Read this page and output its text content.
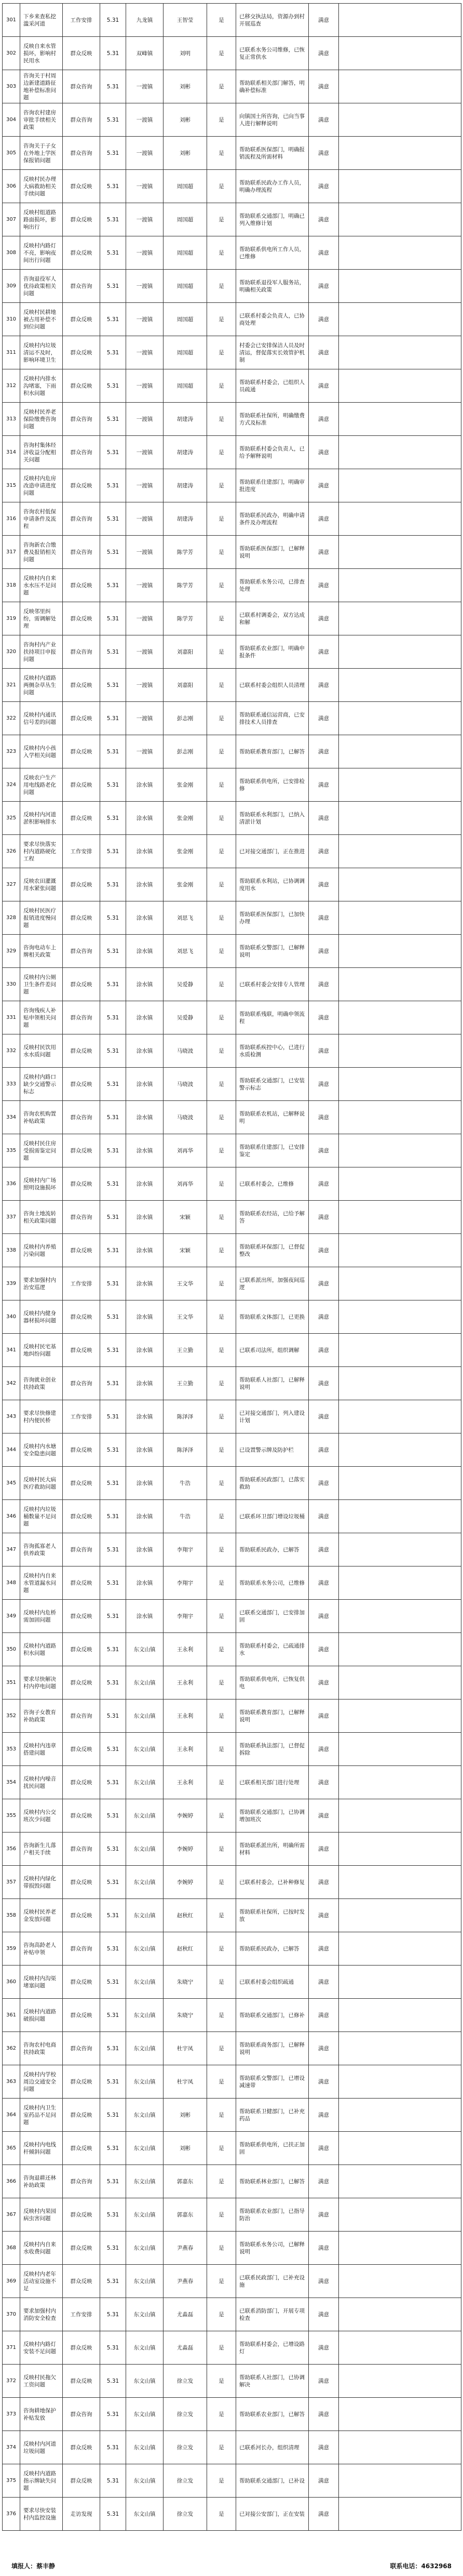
301	下乡来查私挖滥采河道	工作安排	5.31	九龙镇	王智莹	是	已移交执法局，资源办到村开展巡查	满意	
302	反映自来水管损坏，影响村民用水	群众反映	5.31	双峰镇	刘明	是	已联系水务公司维修，已恢复正常供水	满意	
303	咨询关于村周边新建道路征地补偿标准问题	群众咨询	5.31	一渡镇	刘彬	是	帮助联系相关部门解答，明确补偿标准	满意	
304	咨询农村建房审批手续相关政策	群众咨询	5.31	一渡镇	刘彬	是	向镇国土所咨询，已向当事人进行解释说明	满意	
305	咨询关于子女在外地上学医保报销问题	群众咨询	5.31	一渡镇	刘彬	是	帮助联系医保部门，明确报销流程及所需材料	满意	
306	反映村民办理大病救助相关手续问题	群众反映	5.31	一渡镇	周国超	是	帮助联系民政办工作人员，明确办理流程	满意	
307	反映村组道路路面损坏，影响出行	群众反映	5.31	一渡镇	周国超	是	帮助联系交通部门，明确已列入维修计划	满意	
308	反映村内路灯不亮，影响夜间出行问题	群众反映	5.31	一渡镇	周国超	是	帮助联系供电所工作人员，已维修	满意	
309	咨询退役军人优待政策相关问题	群众咨询	5.31	一渡镇	周国超	是	帮助联系退役军人服务站，明确相关政策	满意	
310	反映村民耕地被占用补偿不到位问题	群众反映	5.31	一渡镇	周国超	是	已联系村委会负责人，已协商处理	满意	
311	反映村内垃圾清运不及时，影响环境卫生	群众反映	5.31	一渡镇	周国超	是	村委会已安排保洁人员及时清运，督促落实长效管护机制	满意	
312	反映村内排水沟堵塞，下雨积水问题	群众反映	5.31	一渡镇	周国超	是	帮助联系村委会，已组织人员疏通	满意	
313	反映村民养老保险缴费咨询问题	群众咨询	5.31	一渡镇	胡建涛	是	帮助联系社保所，明确缴费方式及标准	满意	
314	咨询村集体经济收益分配相关问题	群众咨询	5.31	一渡镇	胡建涛	是	帮助联系村委会负责人，已给予解释说明	满意	
315	反映村内危房改造申请进度问题	群众反映	5.31	一渡镇	胡建涛	是	帮助联系住建部门，明确审批进度	满意	
316	咨询农村低保申请条件及流程	群众咨询	5.31	一渡镇	胡建涛	是	帮助联系民政办，明确申请条件及办理流程	满意	
317	咨询新农合缴费及报销相关问题	群众咨询	5.31	一渡镇	陈学芳	是	帮助联系医保部门，已解释说明	满意	
318	反映村内自来水水压不足问题	群众反映	5.31	一渡镇	陈学芳	是	帮助联系水务公司，已排查处理	满意	
319	反映邻里纠纷，需调解处理	群众反映	5.31	一渡镇	陈学芳	是	已联系村调委会，双方达成和解	满意	
320	咨询村内产业扶持项目申报问题	群众咨询	5.31	一渡镇	刘嘉阳	是	帮助联系农业部门，明确申报条件	满意	
321	反映村内道路两侧杂草丛生问题	群众反映	5.31	一渡镇	刘嘉阳	是	已联系村委会组织人员清理	满意	
322	反映村内通讯信号差的问题	群众反映	5.31	一渡镇	彭志刚	是	帮助联系通信运营商，已安排技术人员排查	满意	
323	反映村内小孩入学相关问题	群众反映	5.31	一渡镇	彭志刚	是	帮助联系教育部门，已解答	满意	
324	反映农户生产用电线路老化问题	群众反映	5.31	涂水镇	张金刚	是	帮助联系供电所，已安排检修	满意	
325	反映村内河道淤积影响排水	群众反映	5.31	涂水镇	张金刚	是	帮助联系水利部门，已纳入清淤计划	满意	
326	要求尽快落实村内道路硬化工程	工作安排	5.31	涂水镇	张金刚	是	已对接交通部门，正在推进	满意	
327	反映农田灌溉用水紧张问题	群众反映	5.31	涂水镇	张金刚	是	帮助联系水利站，已协调调度用水	满意	
328	反映村民医疗报销进度慢问题	群众反映	5.31	涂水镇	刘思飞	是	帮助联系医保部门，已加快办理	满意	
329	咨询电动车上牌相关政策	群众咨询	5.31	涂水镇	刘思飞	是	帮助联系交警部门，已解释说明	满意	
330	反映村内公厕卫生条件差问题	群众反映	5.31	涂水镇	吴爱静	是	已联系村委会安排专人管理	满意	
331	咨询残疾人补贴申领相关问题	群众咨询	5.31	涂水镇	吴爱静	是	帮助联系残联，明确申领流程	满意	
332	反映村民饮用水水质问题	群众反映	5.31	涂水镇	马晓波	是	帮助联系疾控中心，已进行水质检测	满意	
333	反映村内路口缺少交通警示标志	群众反映	5.31	涂水镇	马晓波	是	帮助联系交通部门，已安装警示标志	满意	
334	咨询农机购置补贴政策	群众咨询	5.31	涂水镇	马晓波	是	帮助联系农机站，已解释说明	满意	
335	反映村民住房受损需鉴定问题	群众反映	5.31	涂水镇	刘再华	是	帮助联系住建部门，已安排鉴定	满意	
336	反映村内广场照明设施损坏	群众反映	5.31	涂水镇	刘再华	是	已联系村委会，已维修	满意	
337	咨询土地流转相关政策问题	群众咨询	5.31	涂水镇	宋颖	是	帮助联系农经站，已给予解答	满意	
338	反映村内养殖污染问题	群众反映	5.31	涂水镇	宋颖	是	帮助联系环保部门，已督促整改	满意	
339	要求加强村内治安巡逻	工作安排	5.31	涂水镇	王文华	是	已联系派出所，加强夜间巡逻	满意	
340	反映村内健身器材损坏问题	群众反映	5.31	涂水镇	王文华	是	帮助联系文体部门，已更换	满意	
341	反映村民宅基地纠纷问题	群众反映	5.31	涂水镇	王立勤	是	已联系司法所，组织调解	满意	
342	咨询就业创业扶持政策	群众咨询	5.31	涂水镇	王立勤	是	帮助联系人社部门，已解释说明	满意	
343	要求尽快修建村内便民桥	工作安排	5.31	涂水镇	陈泽泽	是	已对接交通部门，列入建设计划	满意	
344	反映村内水塘安全隐患问题	群众反映	5.31	涂水镇	陈泽泽	是	已设置警示牌及防护栏	满意	
345	反映村民大病医疗救助问题	群众反映	5.31	涂水镇	牛浩	是	帮助联系民政部门，已落实救助	满意	
346	反映村内垃圾桶数量不足问题	群众反映	5.31	涂水镇	牛浩	是	已联系环卫部门增设垃圾桶	满意	
347	咨询孤寡老人供养政策	群众咨询	5.31	涂水镇	李翔宇	是	帮助联系民政办，已解答	满意	
348	反映村内自来水管道漏水问题	群众反映	5.31	涂水镇	李翔宇	是	帮助联系水务公司，已维修	满意	
349	反映村内危桥需加固问题	群众反映	5.31	涂水镇	李翔宇	是	已联系交通部门，已安排加固	满意	
350	反映村内道路积水问题	群众反映	5.31	东文山镇	王永利	是	帮助联系村委会，已疏通排水	满意	
351	要求尽快解决村内停电问题	群众反映	5.31	东文山镇	王永利	是	帮助联系供电所，已恢复供电	满意	
352	咨询子女教育补助政策	群众咨询	5.31	东文山镇	王永利	是	帮助联系教育部门，已解释说明	满意	
353	反映村内违章搭建问题	群众反映	5.31	东文山镇	王永利	是	帮助联系执法部门，已督促拆除	满意	
354	反映村内噪音扰民问题	群众反映	5.31	东文山镇	王永利	是	已联系相关部门进行处理	满意	
355	反映村内公交班次少问题	群众反映	5.31	东文山镇	李婉婷	是	帮助联系交通部门，已协调增加班次	满意	
356	咨询新生儿落户相关手续	群众咨询	5.31	东文山镇	李婉婷	是	帮助联系派出所，明确所需材料	满意	
357	反映村内绿化带损毁问题	群众反映	5.31	东文山镇	李婉婷	是	已联系村委会，已补种修复	满意	
358	反映村民养老金发放问题	群众反映	5.31	东文山镇	赵秋红	是	帮助联系社保所，已按时发放	满意	
359	咨询高龄老人补贴申领	群众咨询	5.31	东文山镇	赵秋红	是	帮助联系民政办，已解答	满意	
360	反映村内沟渠堵塞问题	群众反映	5.31	东文山镇	朱晓宁	是	已联系村委会组织疏通	满意	
361	反映村内道路破损问题	群众反映	5.31	东文山镇	朱晓宁	是	帮助联系交通部门，已修补	满意	
362	咨询农村电商扶持政策	群众咨询	5.31	东文山镇	杜宇凤	是	帮助联系商务部门，已解释说明	满意	
363	反映村内学校周边交通安全问题	群众反映	5.31	东文山镇	杜宇凤	是	帮助联系交警部门，已增设减速带	满意	
364	反映村内卫生室药品不足问题	群众反映	5.31	东文山镇	刘彬	是	帮助联系卫健部门，已补充药品	满意	
365	反映村内电线杆倾斜问题	群众反映	5.31	东文山镇	刘彬	是	帮助联系供电所，已扶正加固	满意	
366	咨询退耕还林补助政策	群众咨询	5.31	东文山镇	郭嘉东	是	帮助联系林业部门，已解答	满意	
367	反映村内果园病虫害问题	群众反映	5.31	东文山镇	郭嘉东	是	帮助联系农业部门，已指导防治	满意	
368	反映村内自来水收费问题	群众反映	5.31	东文山镇	尹燕春	是	帮助联系水务公司，已解释说明	满意	
369	反映村内老年活动室设施不足	群众反映	5.31	东文山镇	尹燕春	是	已联系民政部门，已补充设施	满意	
370	要求加强村内消防安全检查	工作安排	5.31	东文山镇	尤淼磊	是	已联系消防部门，开展专项检查	满意	
371	反映村内路灯安装不足问题	群众反映	5.31	东文山镇	尤淼磊	是	帮助联系村委会，已增设路灯	满意	
372	反映村民拖欠工资问题	群众反映	5.31	东文山镇	徐立发	是	帮助联系人社部门，已协调解决	满意	
373	咨询耕地保护补贴发放	群众咨询	5.31	东文山镇	徐立发	是	帮助联系农业部门，已解答	满意	
374	反映村内河道垃圾问题	群众反映	5.31	东文山镇	徐立发	是	已联系河长办，组织清理	满意	
375	反映村内道路指示牌缺失问题	群众反映	5.31	东文山镇	徐立发	是	帮助联系交通部门，已补设	满意	
376	要求尽快安装村内监控设施	走访发现	5.31	东文山镇	徐立发	是	已对接公安部门，正在安装	满意	
填报人：蔡丰静	联系电话：4632968
